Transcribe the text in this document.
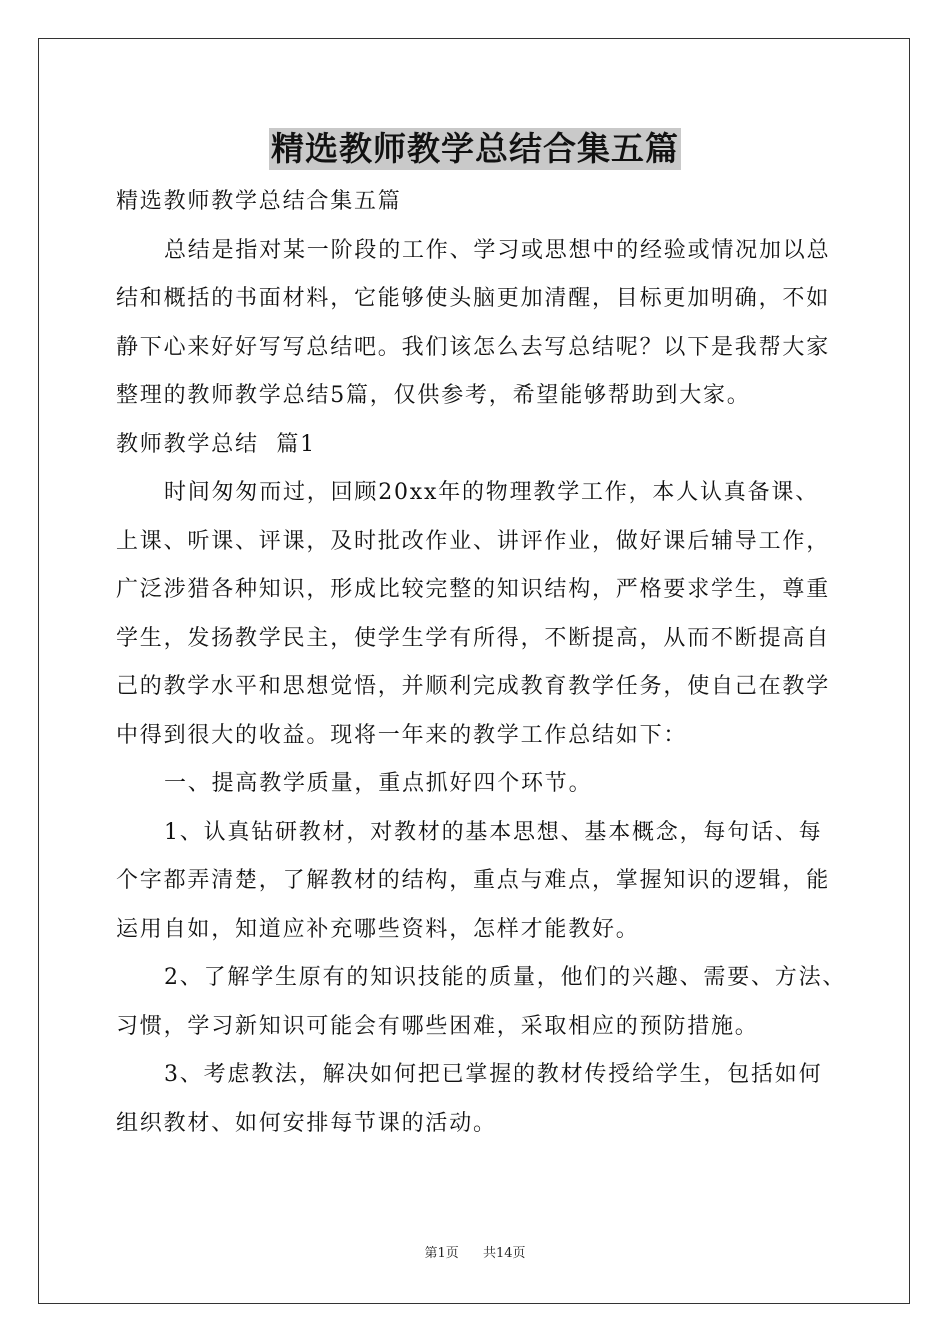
精选教师教学总结合集五篇

精选教师教学总结合集五篇

总结是指对某一阶段的工作、学习或思想中的经验或情况加以总

结和概括的书面材料，它能够使头脑更加清醒，目标更加明确，不如

静下心来好好写写总结吧。我们该怎么去写总结呢？以下是我帮大家

整理的教师教学总结5篇，仅供参考，希望能够帮助到大家。

教师教学总结  篇1

时间匆匆而过，回顾20xx年的物理教学工作，本人认真备课、

上课、听课、评课，及时批改作业、讲评作业，做好课后辅导工作，

广泛涉猎各种知识，形成比较完整的知识结构，严格要求学生，尊重

学生，发扬教学民主，使学生学有所得，不断提高，从而不断提高自

己的教学水平和思想觉悟，并顺利完成教育教学任务，使自己在教学

中得到很大的收益。现将一年来的教学工作总结如下：

一、提高教学质量，重点抓好四个环节。

1、认真钻研教材，对教材的基本思想、基本概念，每句话、每

个字都弄清楚，了解教材的结构，重点与难点，掌握知识的逻辑，能

运用自如，知道应补充哪些资料，怎样才能教好。

2、了解学生原有的知识技能的质量，他们的兴趣、需要、方法、

习惯，学习新知识可能会有哪些困难，采取相应的预防措施。

3、考虑教法，解决如何把已掌握的教材传授给学生，包括如何

组织教材、如何安排每节课的活动。

第1页 共14页
